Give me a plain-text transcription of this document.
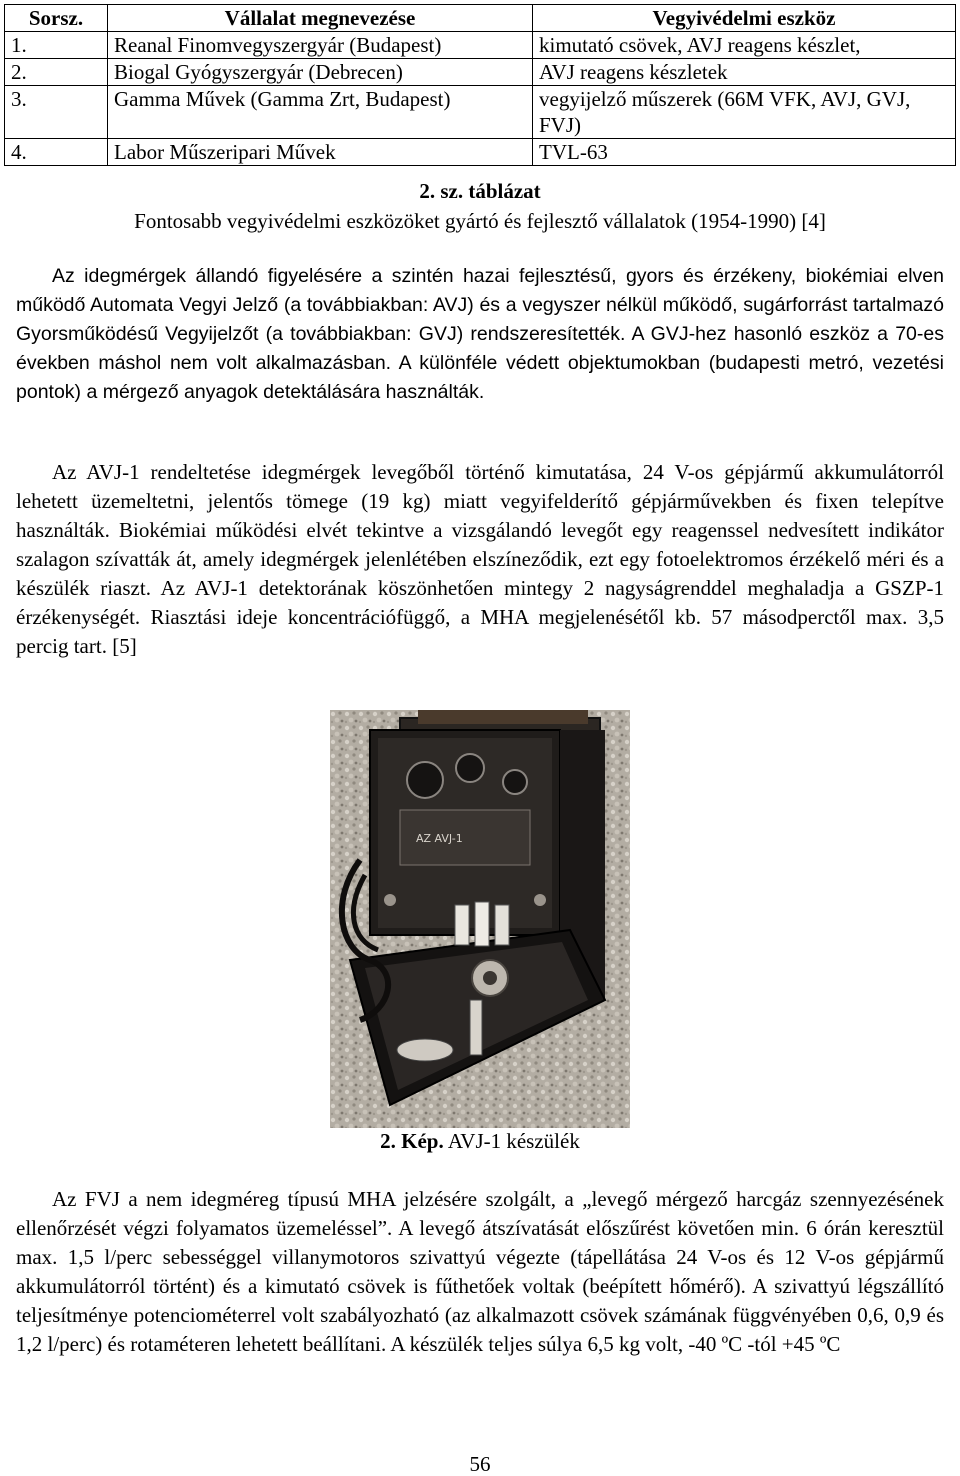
Sorsz.	Vállalat megnevezése	Vegyivédelmi eszköz
1.	Reanal Finomvegyszergyár (Budapest)	kimutató csövek, AVJ reagens készlet,
2.	Biogal Gyógyszergyár (Debrecen)	AVJ reagens készletek
3.	Gamma Művek (Gamma Zrt, Budapest)	vegyijelző műszerek (66M VFK, AVJ, GVJ, FVJ)
4.	Labor Műszeripari Művek	TVL-63
2. sz. táblázat
Fontosabb vegyivédelmi eszközöket gyártó és fejlesztő vállalatok (1954-1990) [4]

Az idegmérgek állandó figyelésére a szintén hazai fejlesztésű, gyors és érzékeny, biokémiai elven működő Automata Vegyi Jelző (a továbbiakban: AVJ) és a vegyszer nélkül működő, sugárforrást tartalmazó Gyorsműködésű Vegyijelzőt (a továbbiakban: GVJ) rendszeresítették. A GVJ-hez hasonló eszköz a 70-es években máshol nem volt alkalmazásban. A különféle védett objektumokban (budapesti metró, vezetési pontok) a mérgező anyagok detektálására használták.

Az AVJ-1 rendeltetése idegmérgek levegőből történő kimutatása, 24 V-os gépjármű akkumulátorról lehetett üzemeltetni, jelentős tömege (19 kg) miatt vegyifelderítő gépjárművekben és fixen telepítve használták. Biokémiai működési elvét tekintve a vizsgálandó levegőt egy reagenssel nedvesített indikátor szalagon szívatták át, amely idegmérgek jelenlétében elszíneződik, ezt egy fotoelektromos érzékelő méri és a készülék riaszt. Az AVJ-1 detektorának köszönhetően mintegy 2 nagyságrenddel meghaladja a GSZP-1 érzékenységét. Riasztási ideje koncentrációfüggő, a MHA megjelenésétől kb. 57 másodperctől max. 3,5 percig tart. [5]

AZ AVJ-1
2. Kép. AVJ-1 készülék

Az FVJ a nem idegméreg típusú MHA jelzésére szolgált, a „levegő mérgező harcgáz szennyezésének ellenőrzését végzi folyamatos üzemeléssel”. A levegő átszívatását előszűrést követően min. 6 órán keresztül max. 1,5 l/perc sebességgel villanymotoros szivattyú végezte (tápellátása 24 V-os és 12 V-os gépjármű akkumulátorról történt) és a kimutató csövek is fűthetőek voltak (beépített hőmérő). A szivattyú légszállító teljesítménye potenciométerrel volt szabályozható (az alkalmazott csövek számának függvényében 0,6, 0,9 és 1,2 l/perc) és rotaméteren lehetett beállítani. A készülék teljes súlya 6,5 kg volt, -40 ºC -tól +45 ºC

56
